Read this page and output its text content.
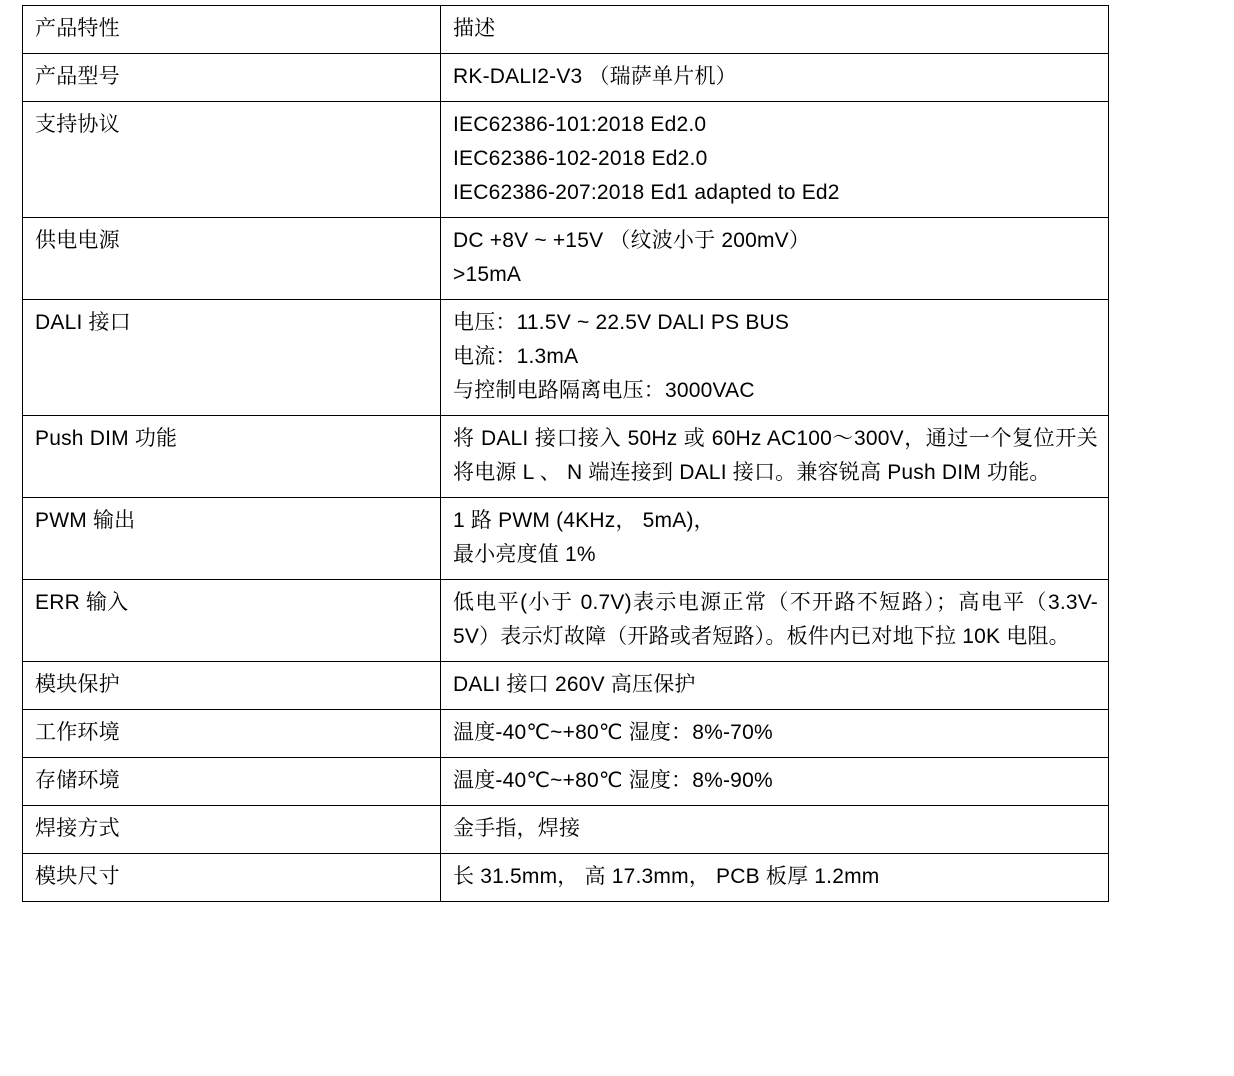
产品特性	描述
产品型号	RK-DALI2-V3 （瑞萨单片机）

支持协议	IEC62386-101:2018 Ed2.0
IEC62386-102-2018 Ed2.0
IEC62386-207:2018 Ed1 adapted to Ed2

供电电源	DC +8V ~ +15V （纹波小于 200mV）
>15mA

DALI 接口	电压：11.5V ~ 22.5V DALI PS BUS
电流：1.3mA
与控制电路隔离电压：3000VAC

Push DIM 功能	将 DALI 接口接入 50Hz 或 60Hz AC100～300V，通过一个复位开关将电源 L 、 N 端连接到 DALI 接口。兼容锐高 Push DIM 功能。

PWM 输出	1 路 PWM (4KHz， 5mA)，
最小亮度值 1%

ERR 输入	低电平(小于 0.7V)表示电源正常（不开路不短路）；高电平（3.3V-5V）表示灯故障（开路或者短路）。板件内已对地下拉 10K 电阻。

模块保护	DALI 接口 260V 高压保护

工作环境	温度-40℃~+80℃ 湿度：8%-70%

存储环境	温度-40℃~+80℃ 湿度：8%-90%

焊接方式	金手指，焊接

模块尺寸	长 31.5mm， 高 17.3mm， PCB 板厚 1.2mm
